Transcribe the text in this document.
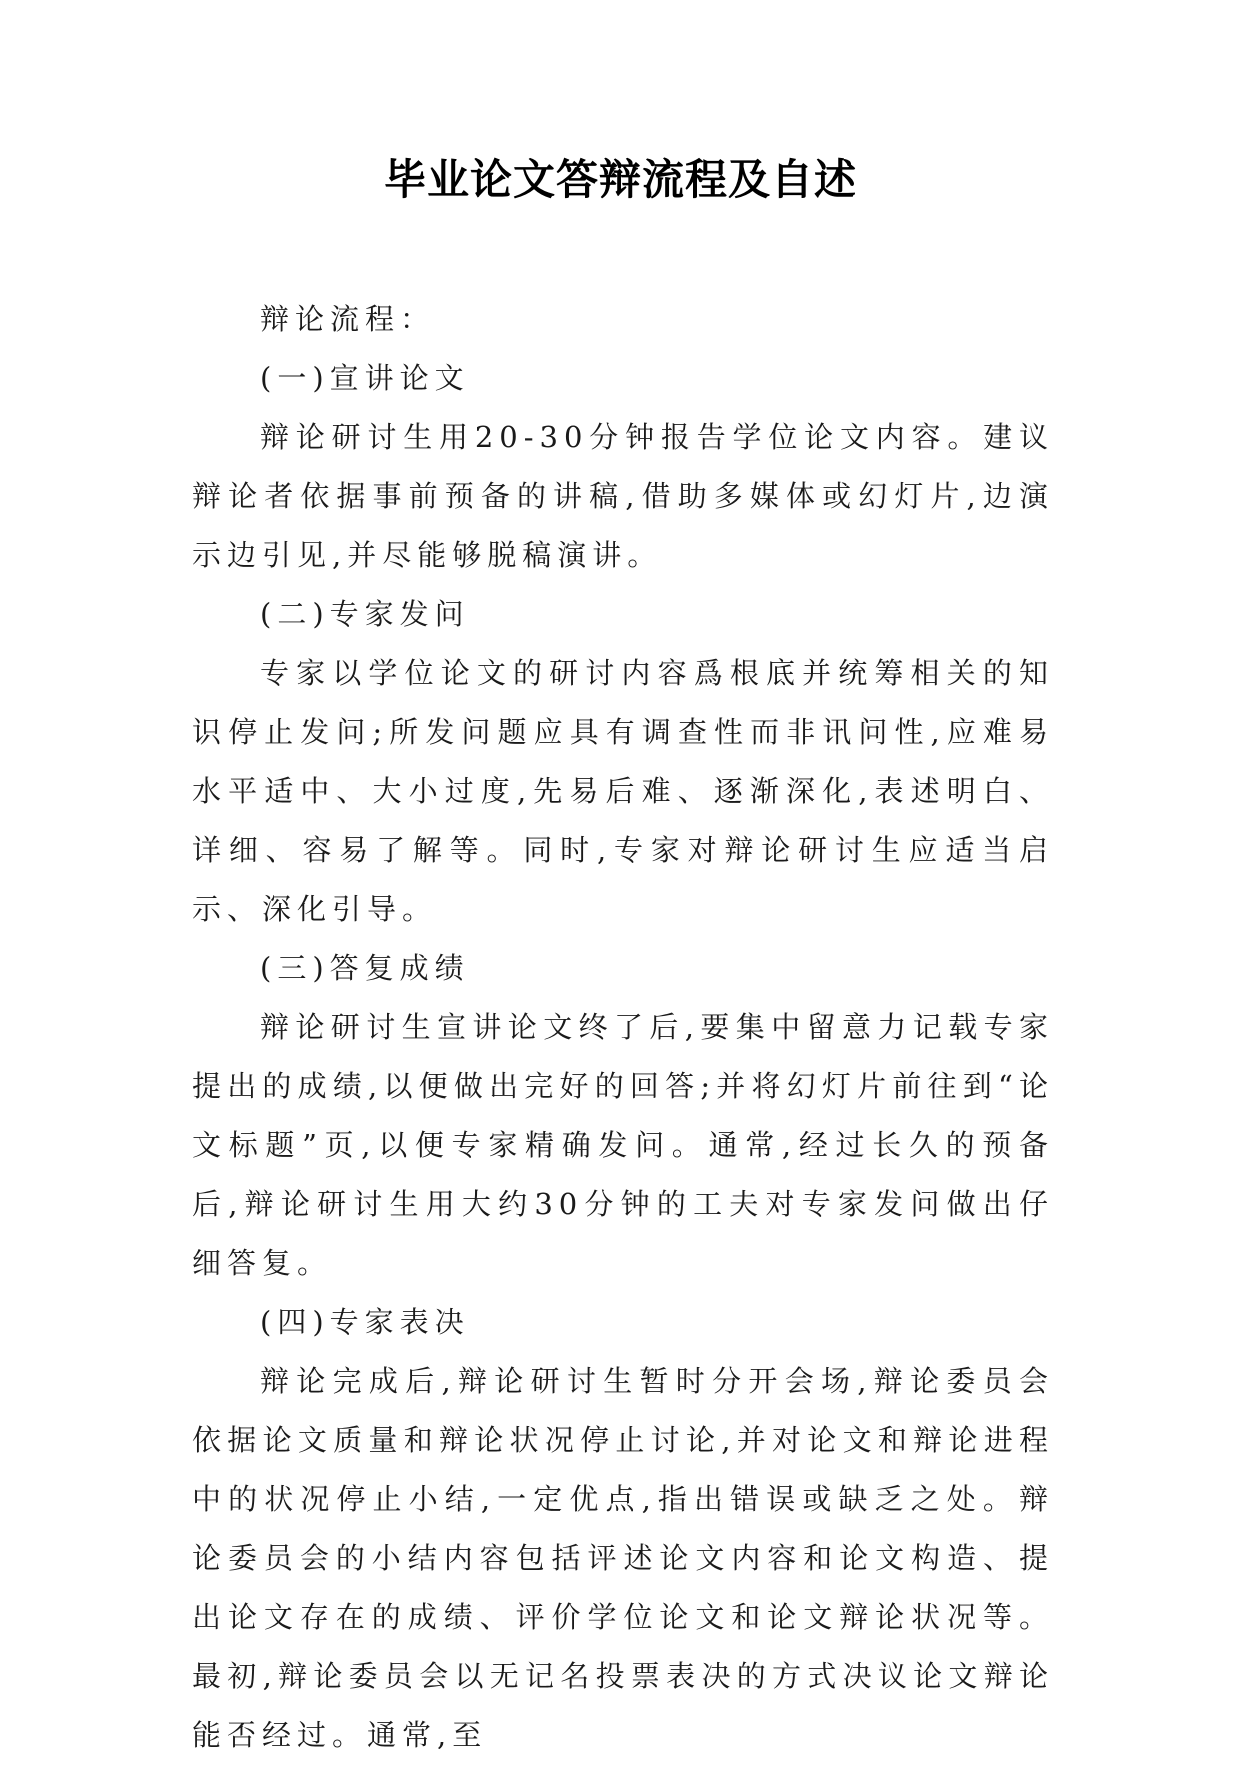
毕业论文答辩流程及自述

辩论流程：

(一)宣讲论文

辩论研讨生用20-30分钟报告学位论文内容。建议辩论者依据事前预备的讲稿,借助多媒体或幻灯片,边演示边引见,并尽能够脱稿演讲。

(二)专家发问

专家以学位论文的研讨内容爲根底并统筹相关的知识停止发问;所发问题应具有调查性而非讯问性,应难易水平适中、大小过度,先易后难、逐渐深化,表述明白、详细、容易了解等。同时,专家对辩论研讨生应适当启示、深化引导。

(三)答复成绩

辩论研讨生宣讲论文终了后,要集中留意力记载专家提出的成绩,以便做出完好的回答;并将幻灯片前往到“论文标题”页,以便专家精确发问。通常,经过长久的预备后,辩论研讨生用大约30分钟的工夫对专家发问做出仔细答复。

(四)专家表决

辩论完成后,辩论研讨生暂时分开会场,辩论委员会依据论文质量和辩论状况停止讨论,并对论文和辩论进程中的状况停止小结,一定优点,指出错误或缺乏之处。辩论委员会的小结内容包括评述论文内容和论文构造、提出论文存在的成绩、评价学位论文和论文辩论状况等。最初,辩论委员会以无记名投票表决的方式决议论文辩论能否经过。通常,至
